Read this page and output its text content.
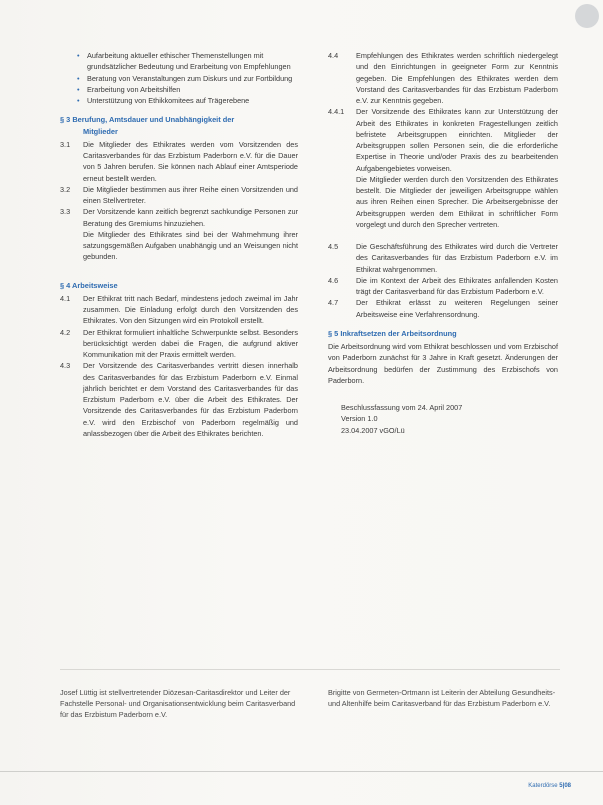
• Aufarbeitung aktueller ethischer Themenstellungen mit grundsätzlicher Bedeutung und Erarbeitung von Empfehlungen
• Beratung von Veranstaltungen zum Diskurs und zur Fortbildung
• Erarbeitung von Arbeitshilfen
• Unterstützung von Ethikkomitees auf Trägerebene
§ 3 Berufung, Amtsdauer und Unabhängigkeit der
Mitglieder
3.1	Die Mitglieder des Ethikrates werden vom Vorsitzenden des Caritasverbandes für das Erzbistum Paderborn e.V. für die Dauer von 5 Jahren berufen. Sie können nach Ablauf einer Amtsperiode erneut bestellt werden.
3.2	Die Mitglieder bestimmen aus ihrer Reihe einen Vorsitzenden und einen Stellvertreter.
3.3	Der Vorsitzende kann zeitlich begrenzt sachkundige Personen zur Beratung des Gremiums hinzuziehen.
Die Mitglieder des Ethikrates sind bei der Wahrnehmung ihrer satzungsgemäßen Aufgaben unabhängig und an Weisungen nicht gebunden.
§ 4 Arbeitsweise
4.1	Der Ethikrat tritt nach Bedarf, mindestens jedoch zweimal im Jahr zusammen. Die Einladung erfolgt durch den Vorsitzenden des Ethikrates. Von den Sitzungen wird ein Protokoll erstellt.
4.2	Der Ethikrat formuliert inhaltliche Schwerpunkte selbst. Besonders berücksichtigt werden dabei die Fragen, die aufgrund aktiver Kommunikation mit der Praxis ermittelt werden.
4.3	Der Vorsitzende des Caritasverbandes vertritt diesen innerhalb des Caritasverbandes für das Erzbistum Paderborn e.V. Einmal jährlich berichtet er dem Vorstand des Caritasverbandes für das Erzbistum Paderborn e.V. über die Arbeit des Ethikrates. Der Vorsitzende des Caritasverbandes für das Erzbistum Paderborn e.V. wird den Erzbischof von Paderborn regelmäßig und anlassbezogen über die Arbeit des Ethikrates berichten.
4.4	Empfehlungen des Ethikrates werden schriftlich niedergelegt und den Einrichtungen in geeigneter Form zur Kenntnis gegeben. Die Empfehlungen des Ethikrates werden dem Vorstand des Caritasverbandes für das Erzbistum Paderborn e.V. zur Kenntnis gegeben.
4.4.1	Der Vorsitzende des Ethikrates kann zur Unterstützung der Arbeit des Ethikrates in konkreten Fragestellungen zeitlich befristete Arbeitsgruppen einrichten. Mitglieder der Arbeitsgruppen sollen Personen sein, die die erforderliche Expertise in Theorie und/oder Praxis des zu bearbeitenden Aufgabengebietes vorweisen.
Die Mitglieder werden durch den Vorsitzenden des Ethikrates bestellt. Die Mitglieder der jeweiligen Arbeitsgruppe wählen aus ihren Reihen einen Sprecher. Die Arbeitsergebnisse der Arbeitsgruppen werden dem Ethikrat in schriftlicher Form vorgelegt und durch den Sprecher vertreten.
4.5	Die Geschäftsführung des Ethikrates wird durch die Vertreter des Caritasverbandes für das Erzbistum Paderborn e.V. im Ethikrat wahrgenommen.
4.6	Die im Kontext der Arbeit des Ethikrates anfallenden Kosten trägt der Caritasverband für das Erzbistum Paderborn e.V.
4.7	Der Ethikrat erlässt zu weiteren Regelungen seiner Arbeitsweise eine Verfahrensordnung.
§ 5 Inkraftsetzen der Arbeitsordnung
Die Arbeitsordnung wird vom Ethikrat beschlossen und vom Erzbischof von Paderborn zunächst für 3 Jahre in Kraft gesetzt. Änderungen der Arbeitsordnung bedürfen der Zustimmung des Erzbischofs von Paderborn.
Beschlussfassung vom 24. April 2007
Version 1.0
23.04.2007 vGO/Lü
Josef Lüttig ist stellvertretender Diözesan-Caritasdirektor und Leiter der Fachstelle Personal- und Organisationsentwicklung beim Caritasverband für das Erzbistum Paderborn e.V.
Brigitte von Germeten-Ortmann ist Leiterin der Abteilung Gesundheits- und Altenhilfe beim Caritasverband für das Erzbistum Paderborn e.V.
Katerdörse 5|08
